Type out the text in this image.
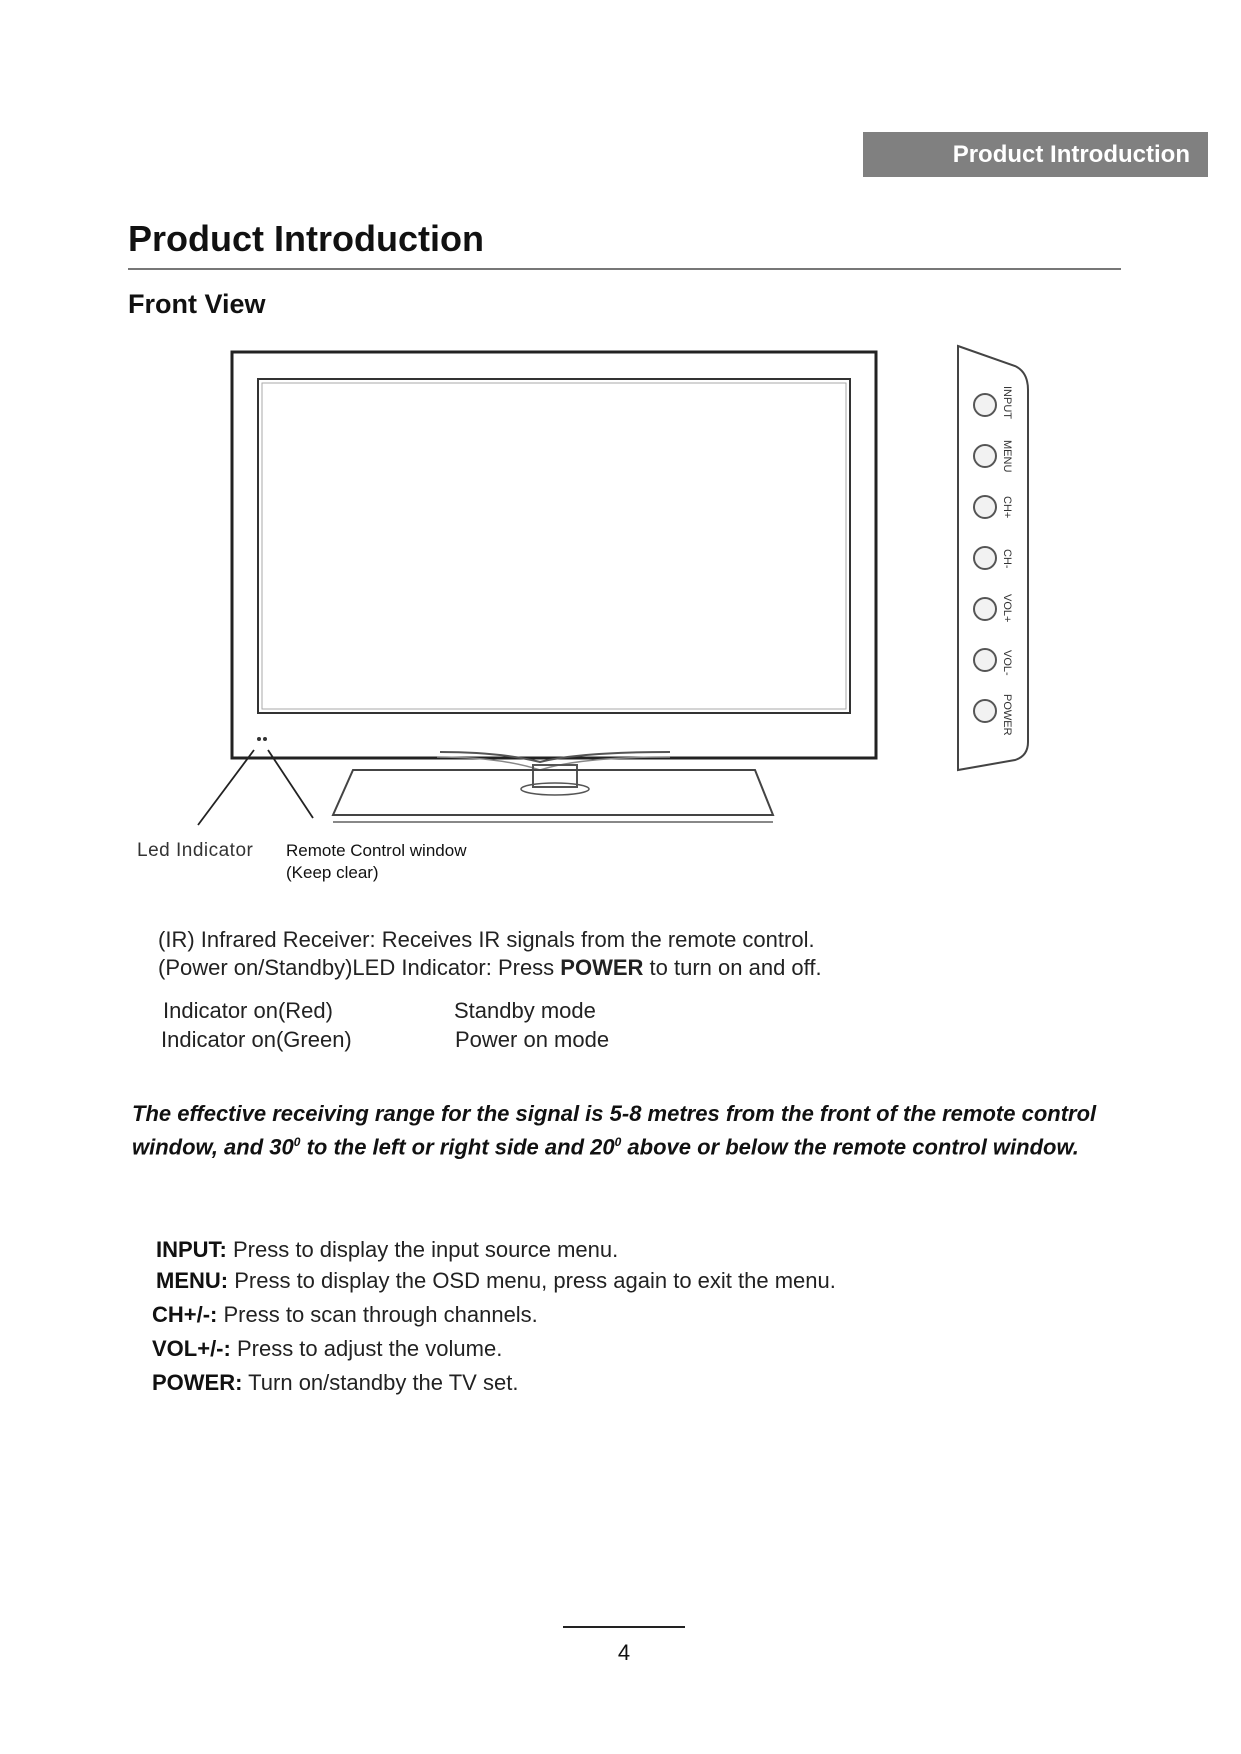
Product Introduction
Product Introduction
Front View
INPUT
MENU
CH+
CH-
VOL+
VOL-
POWER
Led Indicator Remote Control window
(Keep clear)
(IR) Infrared Receiver: Receives IR signals from the remote control.
(Power on/Standby)LED Indicator: Press POWER to turn on and off.
Indicator on(Red)	Standby mode
Indicator on(Green)	Power on mode
The effective receiving range for the signal is 5-8 metres from the front of the remote control window, and $30^0$ to the left or right side and $20^0$ above or below the remote control window.
INPUT: Press to display the input source menu.
MENU: Press to display the OSD menu, press again to exit the menu.
CH+/-: Press to scan through channels.
VOL+/-: Press to adjust the volume.
POWER: Turn on/standby the TV set.
4
